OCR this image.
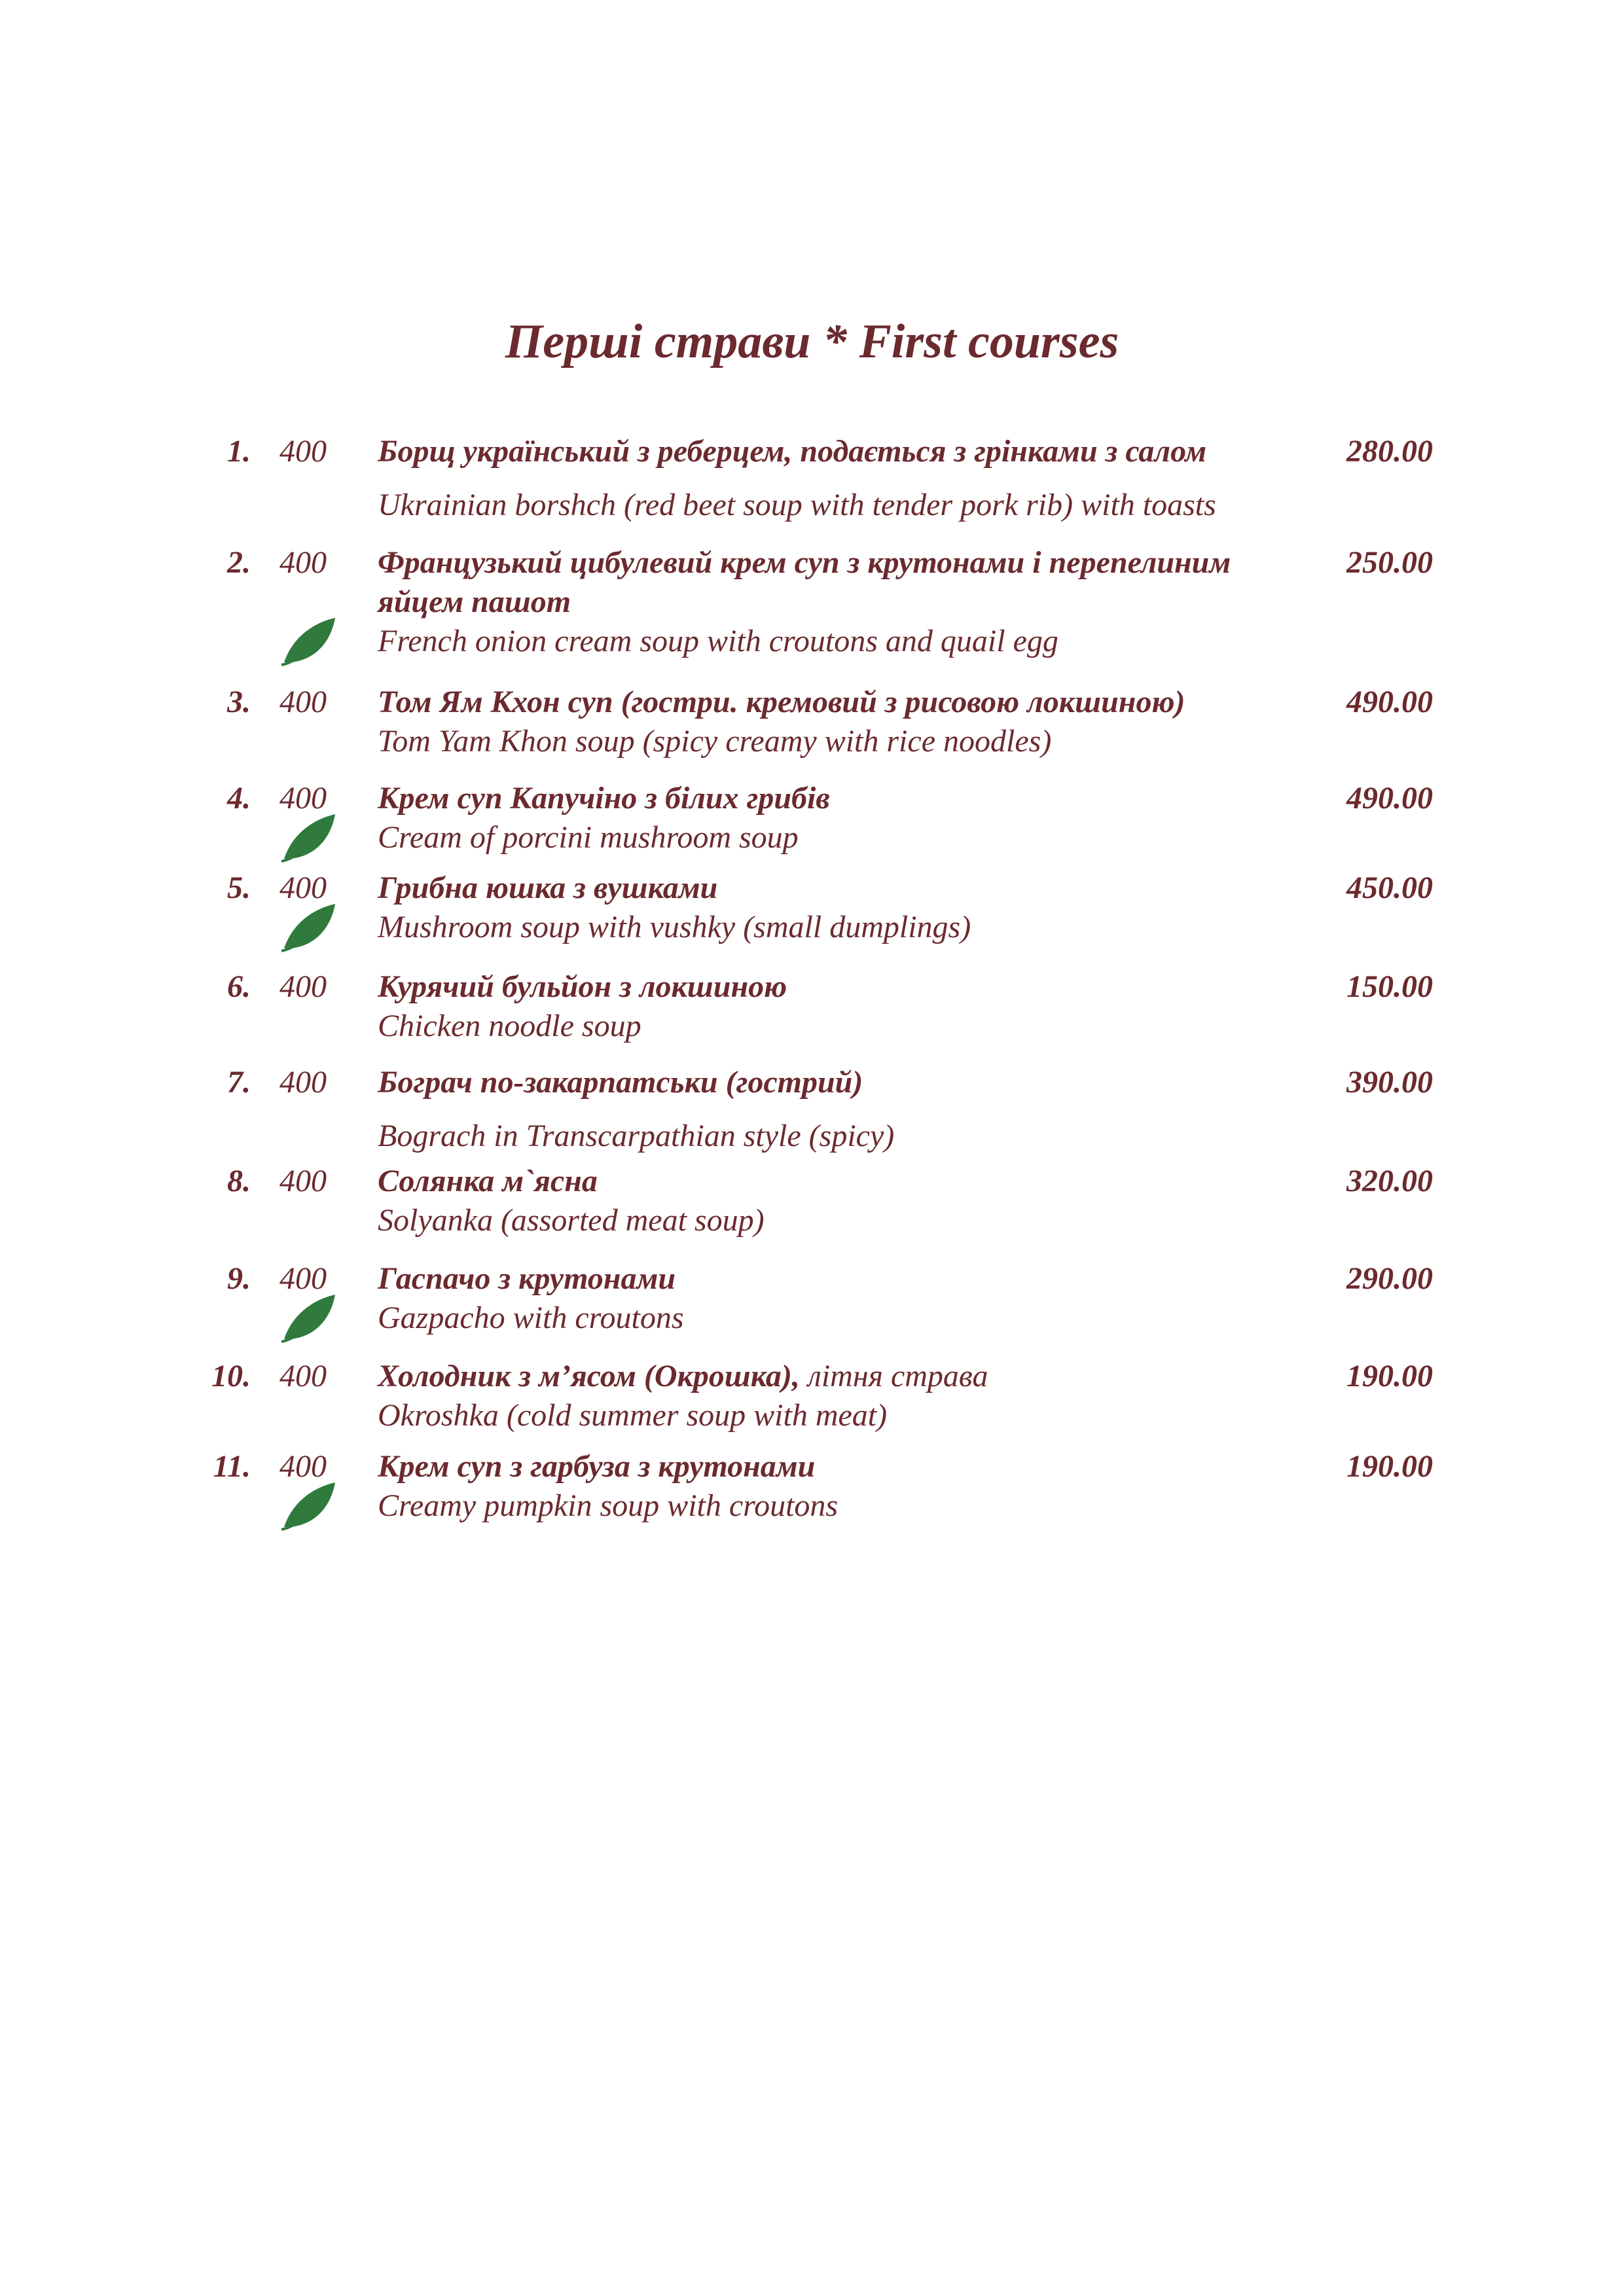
Перші страви * First courses
1. 400 Борщ український з реберцем, подається з грінками з салом
Ukrainian borshch (red beet soup with tender pork rib) with toasts
280.00
2. 400 Французький цибулевий крем суп з крутонами і перепелиним яйцем пашот
French onion cream soup with croutons and quail egg
250.00
3. 400 Том Ям Кхон суп (гостри. кремовий з рисовою локшиною)
Tom Yam Khon soup (spicy creamy with rice noodles)
490.00
4. 400 Крем суп Капучіно з білих грибів
Cream of porcini mushroom soup
490.00
5. 400 Грибна юшка з вушками
Mushroom soup with vushky (small dumplings)
450.00
6. 400 Курячий бульйон з локшиною
Chicken noodle soup
150.00
7. 400 Бограч по-закарпатськи (гострий)
Bograch in Transcarpathian style (spicy)
390.00
8. 400 Солянка м`ясна
Solyanka (assorted meat soup)
320.00
9. 400 Гаспачо з крутонами
Gazpacho with croutons
290.00
10. 400 Холодник з м’ясом (Окрошка), літня страва
Okroshka (cold summer soup with meat)
190.00
11. 400 Крем суп з гарбуза з крутонами
Creamy pumpkin soup with croutons
190.00
